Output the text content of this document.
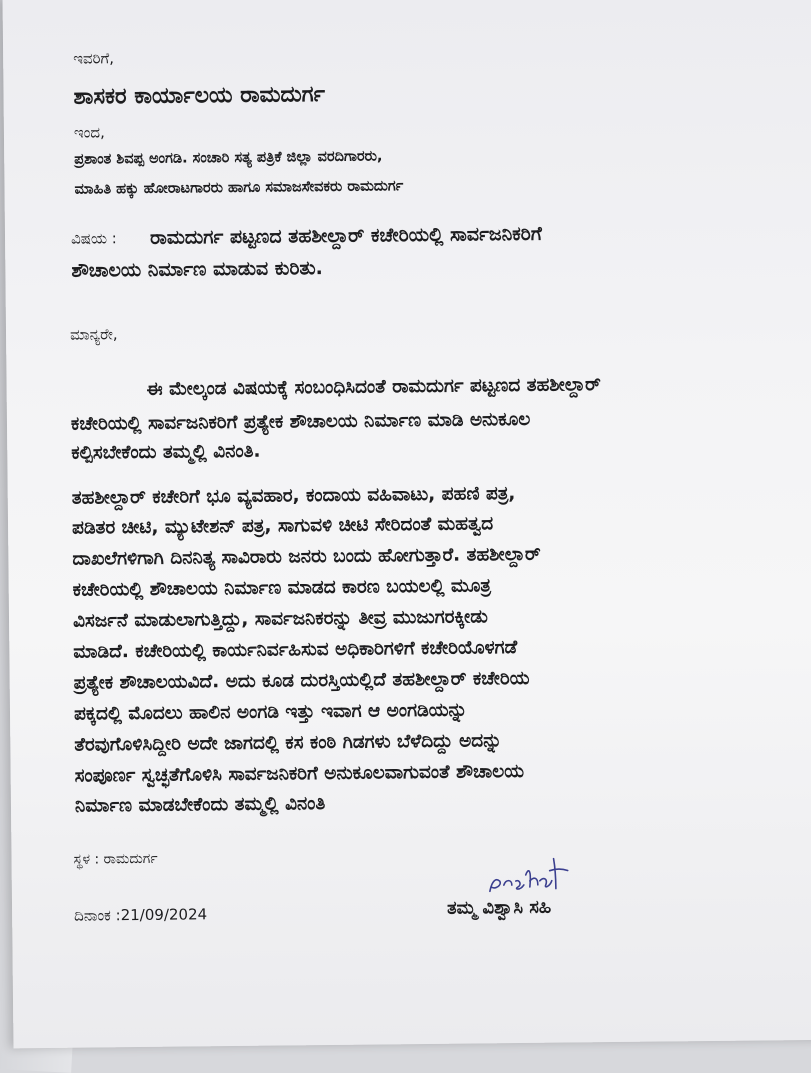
ಇವರಿಗೆ,
ಶಾಸಕರ ಕಾರ್ಯಾಲಯ ರಾಮದುರ್ಗ
ಇಂದ,
ಪ್ರಶಾಂತ ಶಿವಪ್ಪ ಅಂಗಡಿ. ಸಂಚಾರಿ ಸತ್ಯ ಪತ್ರಿಕೆ ಜಿಲ್ಲಾ ವರದಿಗಾರರು,
ಮಾಹಿತಿ ಹಕ್ಕು ಹೋರಾಟಗಾರರು ಹಾಗೂ ಸಮಾಜಸೇವಕರು ರಾಮದುರ್ಗ
ವಿಷಯ : ರಾಮದುರ್ಗ ಪಟ್ಟಣದ ತಹಶೀಲ್ದಾರ್ ಕಚೇರಿಯಲ್ಲಿ ಸಾರ್ವಜನಿಕರಿಗೆ
ಶೌಚಾಲಯ ನಿರ್ಮಾಣ ಮಾಡುವ ಕುರಿತು.
ಮಾನ್ಯರೇ,
ಈ ಮೇಲ್ಕಂಡ ವಿಷಯಕ್ಕೆ ಸಂಬಂಧಿಸಿದಂತೆ ರಾಮದುರ್ಗ ಪಟ್ಟಣದ ತಹಶೀಲ್ದಾರ್
ಕಚೇರಿಯಲ್ಲಿ ಸಾರ್ವಜನಿಕರಿಗೆ ಪ್ರತ್ಯೇಕ ಶೌಚಾಲಯ ನಿರ್ಮಾಣ ಮಾಡಿ ಅನುಕೂಲ
ಕಲ್ಪಿಸಬೇಕೆಂದು ತಮ್ಮಲ್ಲಿ ವಿನಂತಿ.
ತಹಶೀಲ್ದಾರ್ ಕಚೇರಿಗೆ ಭೂ ವ್ಯವಹಾರ, ಕಂದಾಯ ವಹಿವಾಟು, ಪಹಣಿ ಪತ್ರ,
ಪಡಿತರ ಚೀಟಿ, ಮ್ಯುಟೇಶನ್ ಪತ್ರ, ಸಾಗುವಳಿ ಚೀಟಿ ಸೇರಿದಂತೆ ಮಹತ್ವದ
ದಾಖಲೆಗಳಿಗಾಗಿ ದಿನನಿತ್ಯ ಸಾವಿರಾರು ಜನರು ಬಂದು ಹೋಗುತ್ತಾರೆ. ತಹಶೀಲ್ದಾರ್
ಕಚೇರಿಯಲ್ಲಿ ಶೌಚಾಲಯ ನಿರ್ಮಾಣ ಮಾಡದ ಕಾರಣ ಬಯಲಲ್ಲಿ ಮೂತ್ರ
ವಿಸರ್ಜನೆ ಮಾಡುಲಾಗುತ್ತಿದ್ದು, ಸಾರ್ವಜನಿಕರನ್ನು ತೀವ್ರ ಮುಜುಗರಕ್ಕೀಡು
ಮಾಡಿದೆ. ಕಚೇರಿಯಲ್ಲಿ ಕಾರ್ಯನಿರ್ವಹಿಸುವ ಅಧಿಕಾರಿಗಳಿಗೆ ಕಚೇರಿಯೊಳಗಡೆ
ಪ್ರತ್ಯೇಕ ಶೌಚಾಲಯವಿದೆ. ಅದು ಕೂಡ ದುರಸ್ತಿಯಲ್ಲಿದೆ ತಹಶೀಲ್ದಾರ್ ಕಚೇರಿಯ
ಪಕ್ಕದಲ್ಲಿ ಮೊದಲು ಹಾಲಿನ ಅಂಗಡಿ ಇತ್ತು ಇವಾಗ ಆ ಅಂಗಡಿಯನ್ನು
ತೆರವುಗೊಳಿಸಿದ್ದೀರಿ ಅದೇ ಜಾಗದಲ್ಲಿ ಕಸ ಕಂಠಿ ಗಿಡಗಳು ಬೆಳೆದಿದ್ದು ಅದನ್ನು
ಸಂಪೂರ್ಣ ಸ್ವಚ್ಛತೆಗೊಳಿಸಿ ಸಾರ್ವಜನಿಕರಿಗೆ ಅನುಕೂಲವಾಗುವಂತೆ ಶೌಚಾಲಯ
ನಿರ್ಮಾಣ ಮಾಡಬೇಕೆಂದು ತಮ್ಮಲ್ಲಿ ವಿನಂತಿ
ಸ್ಥಳ : ರಾಮದುರ್ಗ
ದಿನಾಂಕ :21/09/2024	ತಮ್ಮ ವಿಶ್ವಾಸಿ ಸಹಿ
